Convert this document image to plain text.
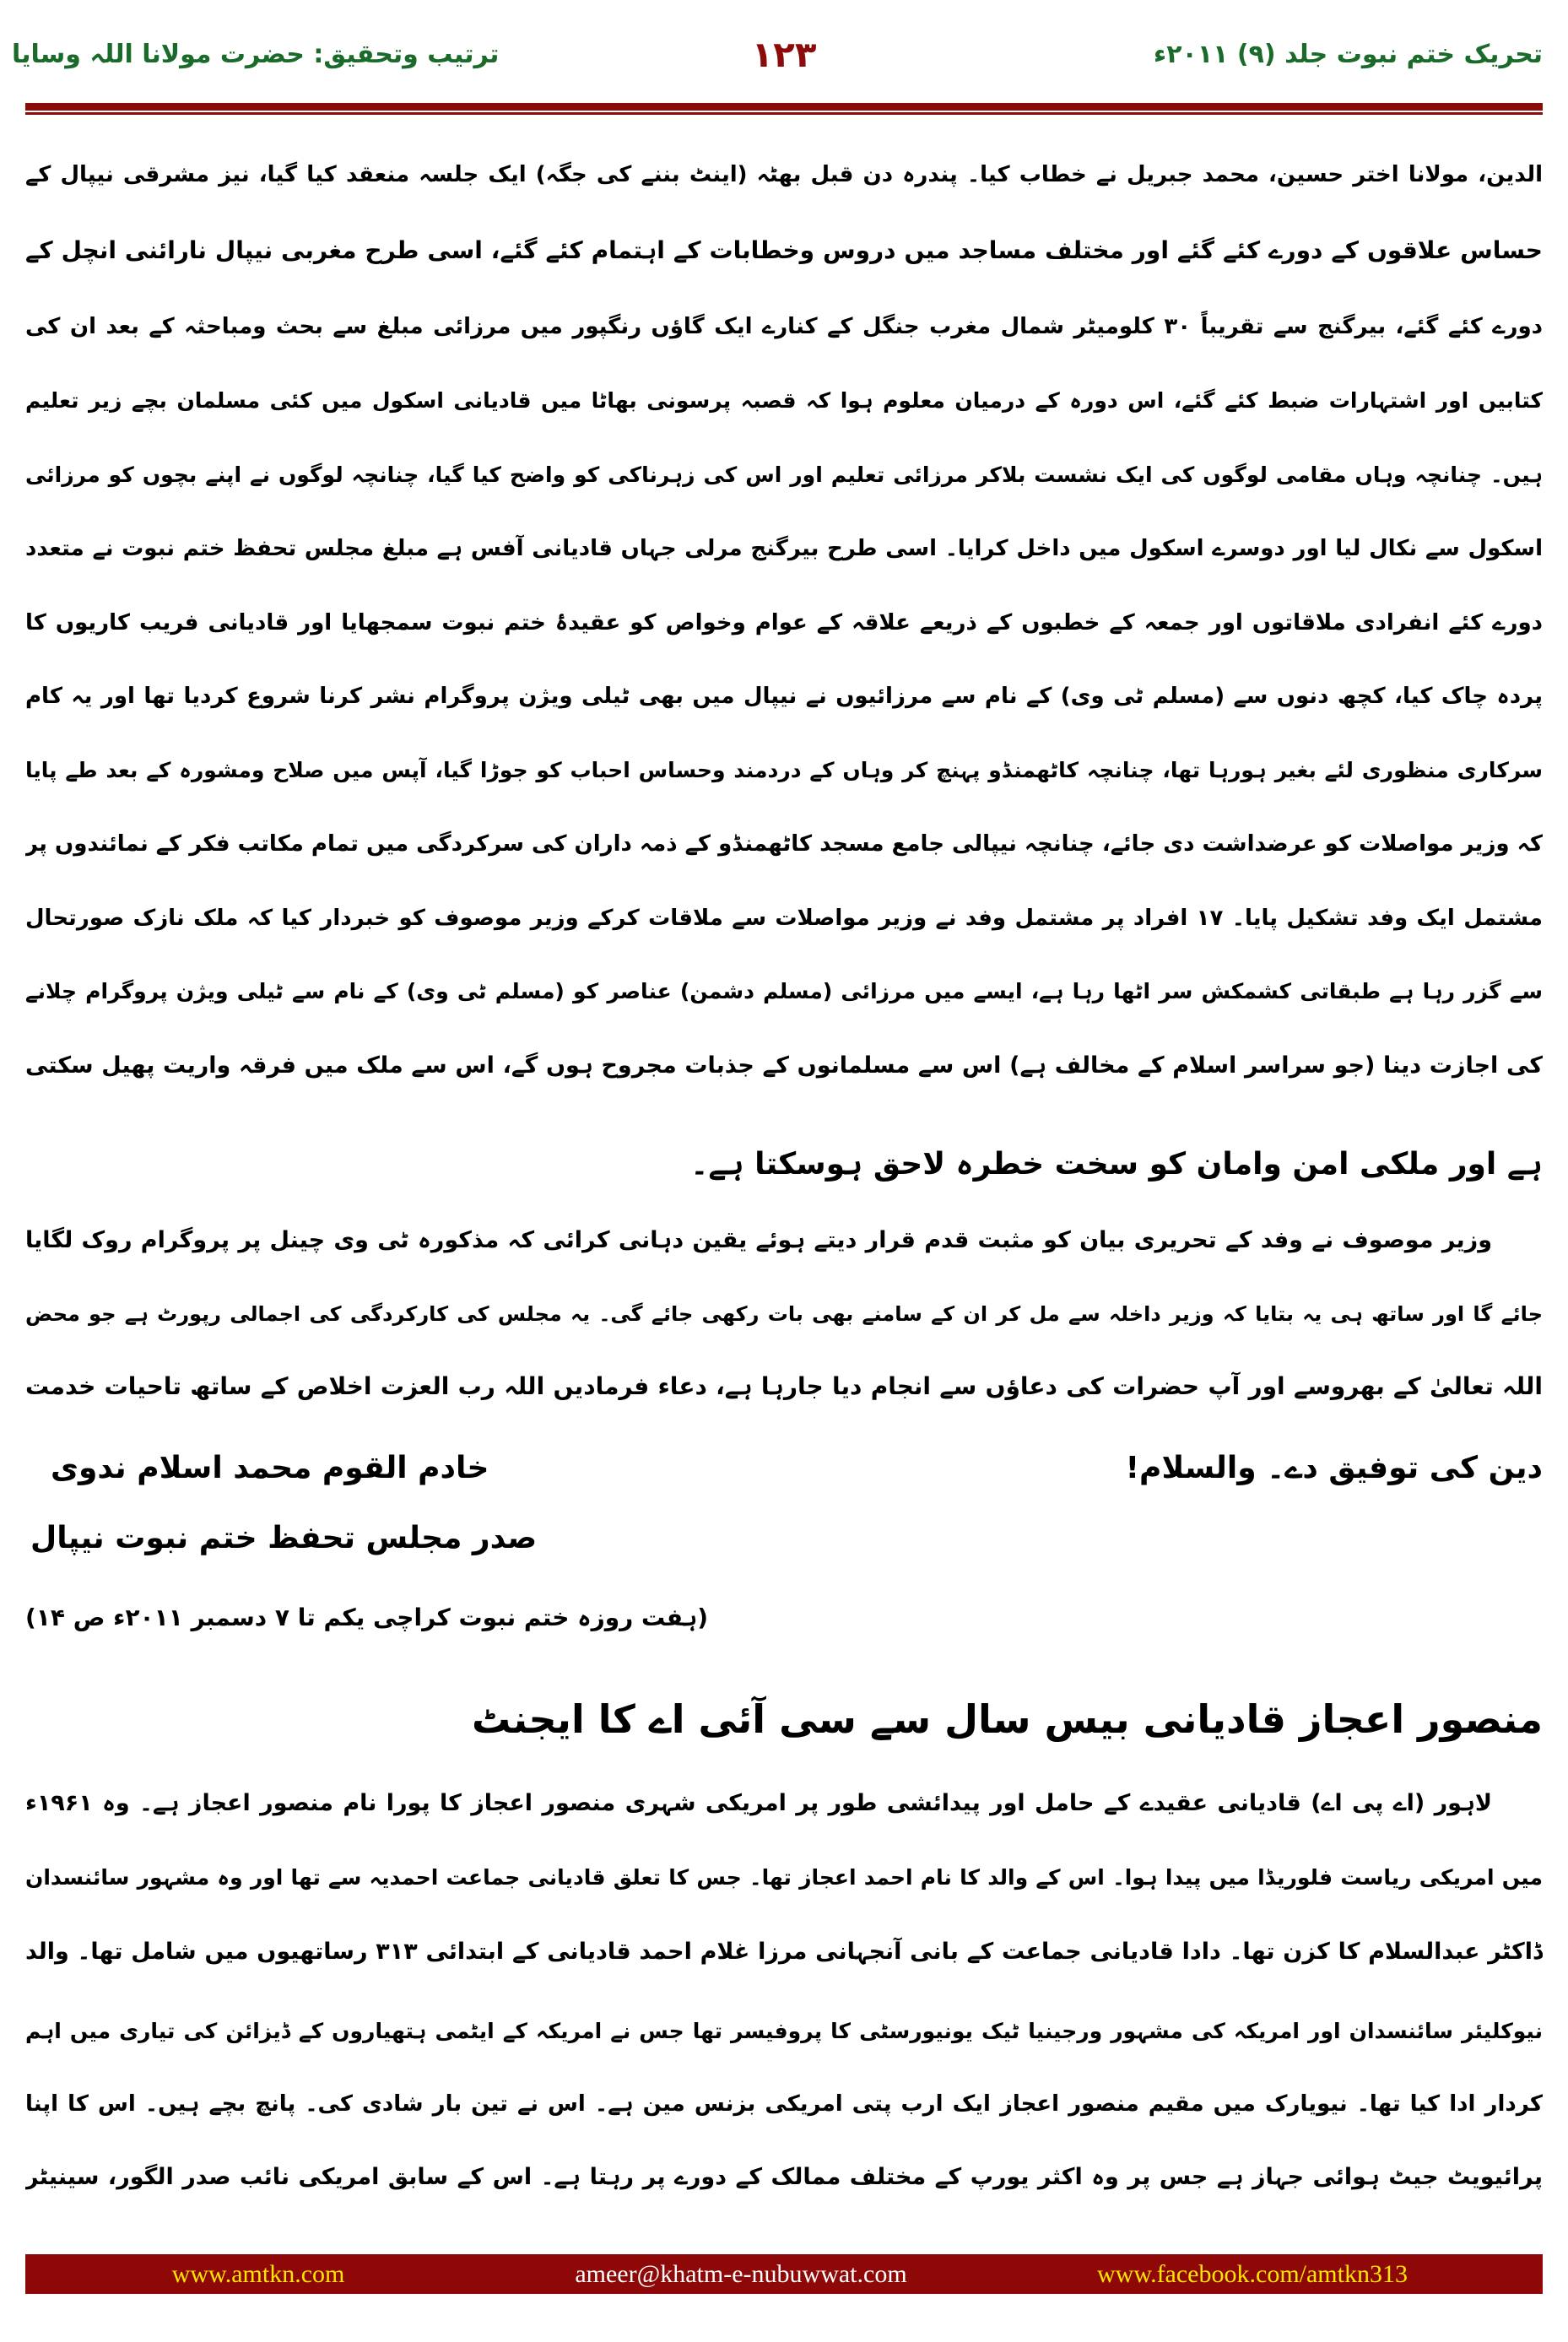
تحریک ختم نبوت جلد (۹) ۲۰۱۱ء
۱۲۳
ترتیب وتحقیق: حضرت مولانا اللہ وسایا
الدین، مولانا اختر حسین، محمد جبریل نے خطاب کیا۔ پندرہ دن قبل بھٹہ (اینٹ بننے کی جگہ) ایک جلسہ منعقد کیا گیا، نیز مشرقی نیپال کے
حساس علاقوں کے دورے کئے گئے اور مختلف مساجد میں دروس وخطابات کے اہتمام کئے گئے، اسی طرح مغربی نیپال نارائنی انچل کے
دورے کئے گئے، بیرگنج سے تقریباً ۳۰ کلومیٹر شمال مغرب جنگل کے کنارے ایک گاؤں رنگپور میں مرزائی مبلغ سے بحث ومباحثہ کے بعد ان کی
کتابیں اور اشتہارات ضبط کئے گئے، اس دورہ کے درمیان معلوم ہوا کہ قصبہ پرسونی بھاٹا میں قادیانی اسکول میں کئی مسلمان بچے زیر تعلیم
ہیں۔ چنانچہ وہاں مقامی لوگوں کی ایک نشست بلاکر مرزائی تعلیم اور اس کی زہرناکی کو واضح کیا گیا، چنانچہ لوگوں نے اپنے بچوں کو مرزائی
اسکول سے نکال لیا اور دوسرے اسکول میں داخل کرایا۔ اسی طرح بیرگنج مرلی جہاں قادیانی آفس ہے مبلغ مجلس تحفظ ختم نبوت نے متعدد
دورے کئے انفرادی ملاقاتوں اور جمعہ کے خطبوں کے ذریعے علاقہ کے عوام وخواص کو عقیدۂ ختم نبوت سمجھایا اور قادیانی فریب کاریوں کا
پردہ چاک کیا، کچھ دنوں سے (مسلم ٹی وی) کے نام سے مرزائیوں نے نیپال میں بھی ٹیلی ویژن پروگرام نشر کرنا شروع کردیا تھا اور یہ کام
سرکاری منظوری لئے بغیر ہورہا تھا، چنانچہ کاٹھمنڈو پہنچ کر وہاں کے دردمند وحساس احباب کو جوڑا گیا، آپس میں صلاح ومشورہ کے بعد طے پایا
کہ وزیر مواصلات کو عرضداشت دی جائے، چنانچہ نیپالی جامع مسجد کاٹھمنڈو کے ذمہ داران کی سرکردگی میں تمام مکاتب فکر کے نمائندوں پر
مشتمل ایک وفد تشکیل پایا۔ ۱۷ افراد پر مشتمل وفد نے وزیر مواصلات سے ملاقات کرکے وزیر موصوف کو خبردار کیا کہ ملک نازک صورتحال
سے گزر رہا ہے طبقاتی کشمکش سر اٹھا رہا ہے، ایسے میں مرزائی (مسلم دشمن) عناصر کو (مسلم ٹی وی) کے نام سے ٹیلی ویژن پروگرام چلانے
کی اجازت دینا (جو سراسر اسلام کے مخالف ہے) اس سے مسلمانوں کے جذبات مجروح ہوں گے، اس سے ملک میں فرقہ واریت پھیل سکتی
ہے اور ملکی امن وامان کو سخت خطرہ لاحق ہوسکتا ہے۔
وزیر موصوف نے وفد کے تحریری بیان کو مثبت قدم قرار دیتے ہوئے یقین دہانی کرائی کہ مذکورہ ٹی وی چینل پر پروگرام روک لگایا
جائے گا اور ساتھ ہی یہ بتایا کہ وزیر داخلہ سے مل کر ان کے سامنے بھی بات رکھی جائے گی۔ یہ مجلس کی کارکردگی کی اجمالی رپورٹ ہے جو محض
اللہ تعالیٰ کے بھروسے اور آپ حضرات کی دعاؤں سے انجام دیا جارہا ہے، دعاء فرمادیں اللہ رب العزت اخلاص کے ساتھ تاحیات خدمت
دین کی توفیق دے۔ والسلام!
خادم القوم محمد اسلام ندوی
صدر مجلس تحفظ ختم نبوت نیپال
(ہفت روزہ ختم نبوت کراچی یکم تا ۷ دسمبر ۲۰۱۱ء ص ۱۴)
منصور اعجاز قادیانی بیس سال سے سی آئی اے کا ایجنٹ
لاہور (اے پی اے) قادیانی عقیدے کے حامل اور پیدائشی طور پر امریکی شہری منصور اعجاز کا پورا نام منصور اعجاز ہے۔ وہ ۱۹۶۱ء
میں امریکی ریاست فلوریڈا میں پیدا ہوا۔ اس کے والد کا نام احمد اعجاز تھا۔ جس کا تعلق قادیانی جماعت احمدیہ سے تھا اور وہ مشہور سائنسدان
ڈاکٹر عبدالسلام کا کزن تھا۔ دادا قادیانی جماعت کے بانی آنجہانی مرزا غلام احمد قادیانی کے ابتدائی ۳۱۳ رساتھیوں میں شامل تھا۔ والد
نیوکلیئر سائنسدان اور امریکہ کی مشہور ورجینیا ٹیک یونیورسٹی کا پروفیسر تھا جس نے امریکہ کے ایٹمی ہتھیاروں کے ڈیزائن کی تیاری میں اہم
کردار ادا کیا تھا۔ نیویارک میں مقیم منصور اعجاز ایک ارب پتی امریکی بزنس مین ہے۔ اس نے تین بار شادی کی۔ پانچ بچے ہیں۔ اس کا اپنا
پرائیویٹ جیٹ ہوائی جہاز ہے جس پر وہ اکثر یورپ کے مختلف ممالک کے دورے پر رہتا ہے۔ اس کے سابق امریکی نائب صدر الگور، سینیٹر
www.amtkn.com	ameer@khatm-e-nubuwwat.com	www.facebook.com/amtkn313
